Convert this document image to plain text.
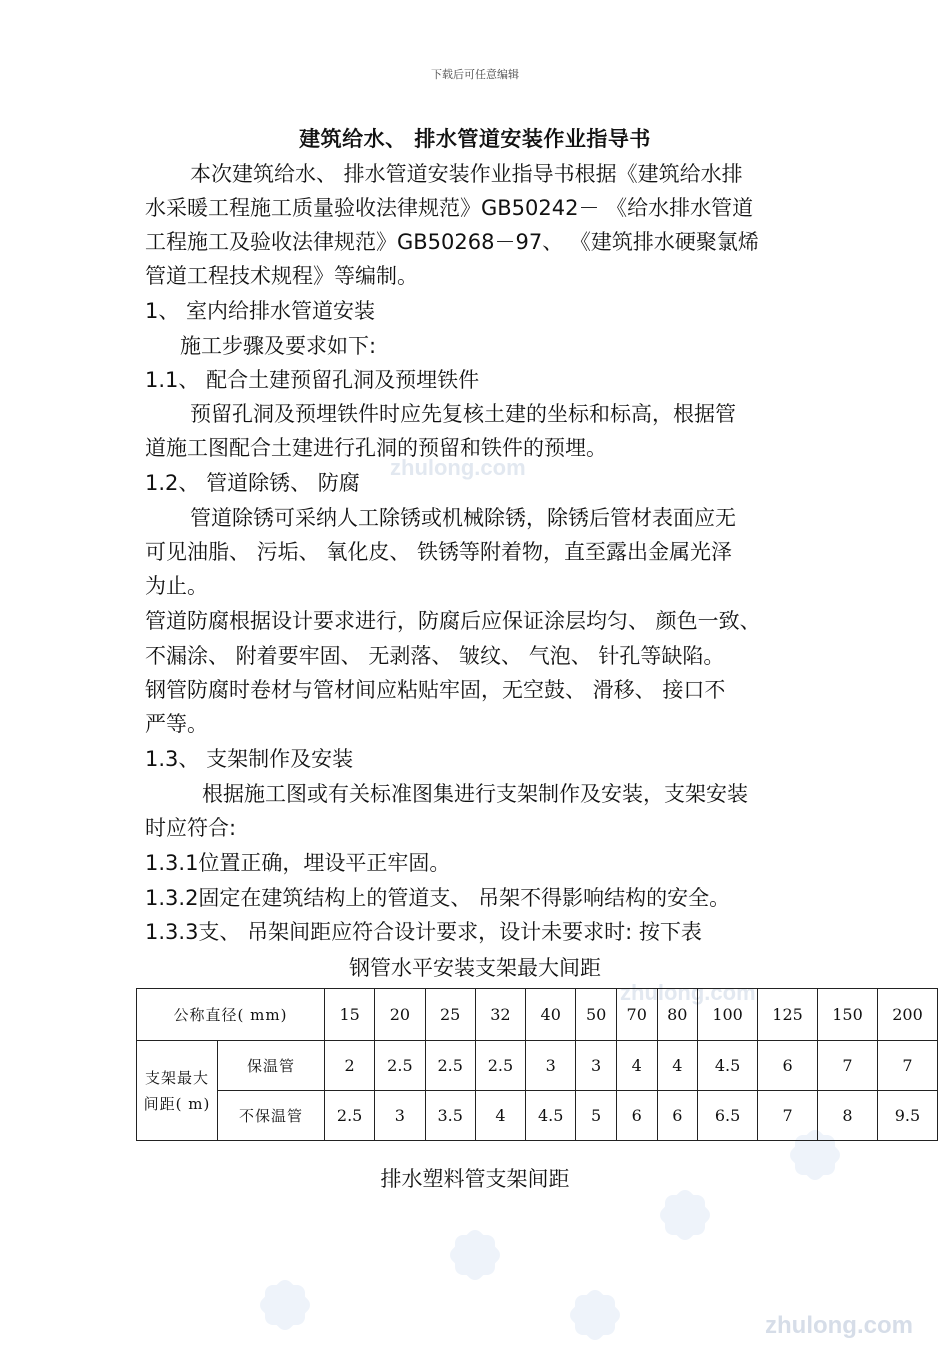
zhulong.com
zhulong.com
zhulong.com
下载后可任意编辑
建筑给水、 排水管道安装作业指导书
本次建筑给水、 排水管道安装作业指导书根据《建筑给水排
水采暖工程施工质量验收法律规范》GB50242－ 《给水排水管道
工程施工及验收法律规范》GB50268－97、 《建筑排水硬聚氯烯
管道工程技术规程》等编制。
1、 室内给排水管道安装
施工步骤及要求如下:
1.1、 配合土建预留孔洞及预埋铁件
预留孔洞及预埋铁件时应先复核土建的坐标和标高，根据管
道施工图配合土建进行孔洞的预留和铁件的预埋。
1.2、 管道除锈、 防腐
管道除锈可采纳人工除锈或机械除锈，除锈后管材表面应无
可见油脂、 污垢、 氧化皮、 铁锈等附着物，直至露出金属光泽
为止。
管道防腐根据设计要求进行，防腐后应保证涂层均匀、 颜色一致、
不漏涂、 附着要牢固、 无剥落、 皱纹、 气泡、 针孔等缺陷。
钢管防腐时卷材与管材间应粘贴牢固，无空鼓、 滑移、 接口不
严等。
1.3、 支架制作及安装
根据施工图或有关标准图集进行支架制作及安装，支架安装
时应符合:
1.3.1位置正确，埋设平正牢固。
1.3.2固定在建筑结构上的管道支、 吊架不得影响结构的安全。
1.3.3支、 吊架间距应符合设计要求，设计未要求时: 按下表
钢管水平安装支架最大间距
公称直径( mm)		15	20	25	32	40	50	70	80	100	125	150	200
支架最大间距( m)	保温管	2	2.5	2.5	2.5	3	3	4	4	4.5	6	7	7
	不保温管	2.5	3	3.5	4	4.5	5	6	6	6.5	7	8	9.5
排水塑料管支架间距
